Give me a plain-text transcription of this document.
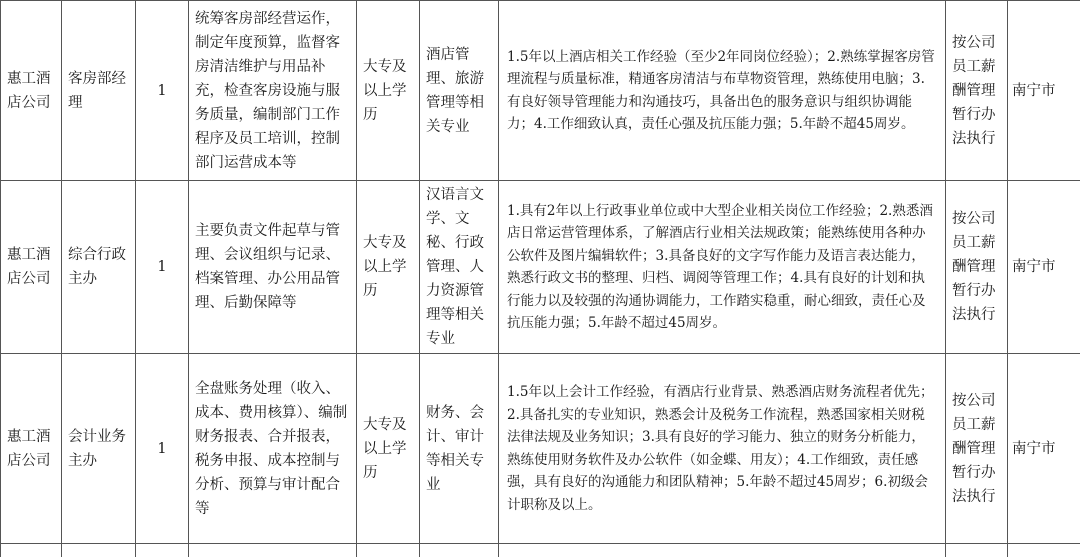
惠工酒店公司	客房部经理	1	统筹客房部经营运作，制定年度预算，监督客房清洁维护与用品补充，检查客房设施与服务质量，编制部门工作程序及员工培训，控制部门运营成本等	大专及以上学历	酒店管理、旅游管理等相关专业	1.5年以上酒店相关工作经验（至少2年同岗位经验）；2.熟练掌握客房管理流程与质量标准，精通客房清洁与布草物资管理，熟练使用电脑；3.有良好领导管理能力和沟通技巧，具备出色的服务意识与组织协调能力；4.工作细致认真，责任心强及抗压能力强；5.年龄不超45周岁。	按公司员工薪酬管理暂行办法执行	南宁市
惠工酒店公司	综合行政主办	1	主要负责文件起草与管理、会议组织与记录、档案管理、办公用品管理、后勤保障等	大专及以上学历	汉语言文学、文秘、行政管理、人力资源管理等相关专业	1.具有2年以上行政事业单位或中大型企业相关岗位工作经验；2.熟悉酒店日常运营管理体系，了解酒店行业相关法规政策；能熟练使用各种办公软件及图片编辑软件；3.具备良好的文字写作能力及语言表达能力，熟悉行政文书的整理、归档、调阅等管理工作；4.具有良好的计划和执行能力以及较强的沟通协调能力，工作踏实稳重，耐心细致，责任心及抗压能力强；5.年龄不超过45周岁。	按公司员工薪酬管理暂行办法执行	南宁市
惠工酒店公司	会计业务主办	1	全盘账务处理（收入、成本、费用核算）、编制财务报表、合并报表，税务申报、成本控制与分析、预算与审计配合等	大专及以上学历	财务、会计、审计等相关专业	1.5年以上会计工作经验，有酒店行业背景、熟悉酒店财务流程者优先；2.具备扎实的专业知识，熟悉会计及税务工作流程，熟悉国家相关财税法律法规及业务知识；3.具有良好的学习能力、独立的财务分析能力，熟练使用财务软件及办公软件（如金蝶、用友）；4.工作细致，责任感强，具有良好的沟通能力和团队精神；5.年龄不超过45周岁；6.初级会计职称及以上。	按公司员工薪酬管理暂行办法执行	南宁市
